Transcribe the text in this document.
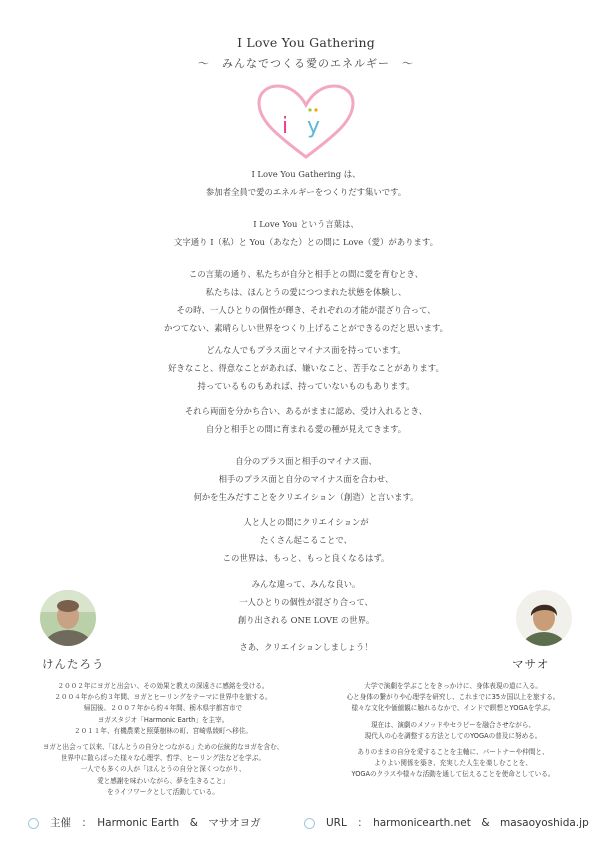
I Love You Gathering
〜　みんなでつくる愛のエネルギー　〜
i y
I Love You Gathering は、
参加者全員で愛のエネルギーをつくりだす集いです。
I Love You という言葉は、
文字通り I（私）と You（あなた）との間に Love（愛）があります。
この言葉の通り、私たちが自分と相手との間に愛を育むとき、
私たちは、ほんとうの愛につつまれた状態を体験し、
その時、一人ひとりの個性が輝き、それぞれの才能が混ざり合って、
かつてない、素晴らしい世界をつくり上げることができるのだと思います。
どんな人でもプラス面とマイナス面を持っています。
好きなこと、得意なことがあれば、嫌いなこと、苦手なことがあります。
持っているものもあれば、持っていないものもあります。
それら両面を分かち合い、あるがままに認め、受け入れるとき、
自分と相手との間に育まれる愛の種が見えてきます。
自分のプラス面と相手のマイナス面、
相手のプラス面と自分のマイナス面を合わせ、
何かを生みだすことをクリエイション（創造）と言います。
人と人との間にクリエイションが
たくさん起こることで、
この世界は、もっと、もっと良くなるはず。
みんな違って、みんな良い。
一人ひとりの個性が混ざり合って、
創り出される ONE LOVE の世界。
さあ、クリエイションしましょう！
けんたろう	マサオ
２００２年にヨガと出会い、その効果と教えの深遠さに感銘を受ける。
２００４年から約３年間、ヨガとヒーリングをテーマに世界中を旅する。
帰国後、２００７年から約４年間、栃木県宇都宮市で
ヨガスタジオ「Harmonic Earth」を主宰。
２０１１年、有機農業と照葉樹林の町、宮崎県綾町へ移住。
ヨガと出会って以来、「ほんとうの自分とつながる」ための伝統的なヨガを含む、
世界中に散らばった様々な心理学、哲学、ヒーリング法などを学ぶ。
一人でも多くの人が「ほんとうの自分と深くつながり、
愛と感謝を味わいながら、夢を生きること」
をライフワークとして活動している。
大学で演劇を学ぶことをきっかけに、身体表現の道に入る。
心と身体の繋がりや心理学を研究し、これまでに35カ国以上を旅する。
様々な文化や価値観に触れるなかで、インドで瞑想とYOGAを学ぶ。
現在は、演劇のメソッドやセラピーを融合させながら、
現代人の心を調整する方法としてのYOGAの普及に努める。
ありのままの自分を愛することを主軸に、パートナーや仲間と、
よりよい関係を築き、充実した人生を楽しむことを、
YOGAのクラスや様々な活動を通して伝えることを使命としている。
主催　：　Harmonic Earth　&　マサオヨガ	URL　：　harmonicearth.net　&　masaoyoshida.jp
